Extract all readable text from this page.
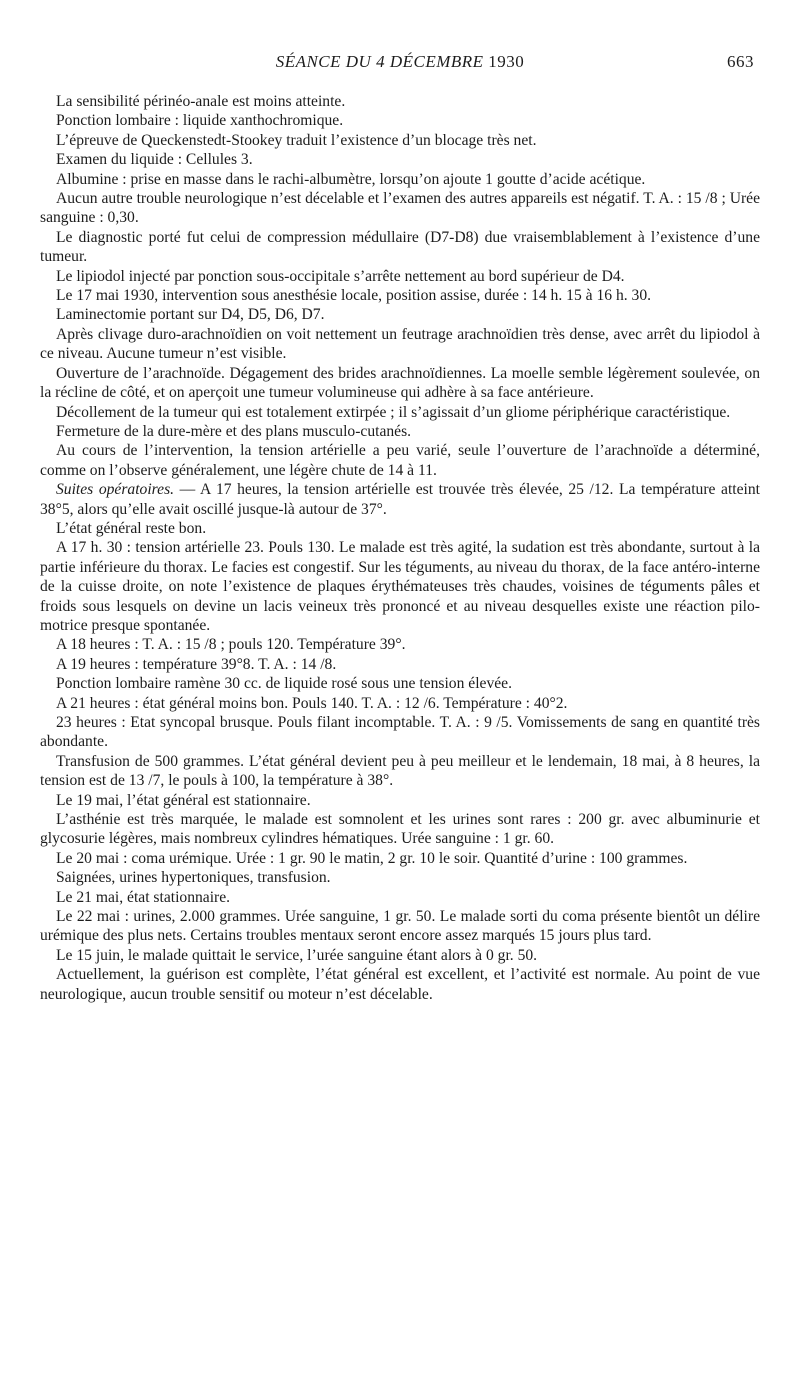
SÉANCE DU 4 DÉCEMBRE 1930	663

La sensibilité périnéo-anale est moins atteinte.

Ponction lombaire : liquide xanthochromique.

L’épreuve de Queckenstedt-Stookey traduit l’existence d’un blocage très net.

Examen du liquide : Cellules 3.

Albumine : prise en masse dans le rachi-albumètre, lorsqu’on ajoute 1 goutte d’acide acétique.

Aucun autre trouble neurologique n’est décelable et l’examen des autres appareils est négatif. T. A. : 15 /8 ; Urée sanguine : 0,30.

Le diagnostic porté fut celui de compression médullaire (D7-D8) due vraisemblablement à l’existence d’une tumeur.

Le lipiodol injecté par ponction sous-occipitale s’arrête nettement au bord supérieur de D4.

Le 17 mai 1930, intervention sous anesthésie locale, position assise, durée : 14 h. 15 à 16 h. 30.

Laminectomie portant sur D4, D5, D6, D7.

Après clivage duro-arachnoïdien on voit nettement un feutrage arachnoïdien très dense, avec arrêt du lipiodol à ce niveau. Aucune tumeur n’est visible.

Ouverture de l’arachnoïde. Dégagement des brides arachnoïdiennes. La moelle semble légèrement soulevée, on la récline de côté, et on aperçoit une tumeur volumineuse qui adhère à sa face antérieure.

Décollement de la tumeur qui est totalement extirpée ; il s’agissait d’un gliome périphérique caractéristique.

Fermeture de la dure-mère et des plans musculo-cutanés.

Au cours de l’intervention, la tension artérielle a peu varié, seule l’ouverture de l’arachnoïde a déterminé, comme on l’observe généralement, une légère chute de 14 à 11.

Suites opératoires. — A 17 heures, la tension artérielle est trouvée très élevée, 25 /12. La température atteint 38°5, alors qu’elle avait oscillé jusque-là autour de 37°.

L’état général reste bon.

A 17 h. 30 : tension artérielle 23. Pouls 130. Le malade est très agité, la sudation est très abondante, surtout à la partie inférieure du thorax. Le facies est congestif. Sur les téguments, au niveau du thorax, de la face antéro-interne de la cuisse droite, on note l’existence de plaques érythémateuses très chaudes, voisines de téguments pâles et froids sous lesquels on devine un lacis veineux très prononcé et au niveau desquelles existe une réaction pilo-motrice presque spontanée.

A 18 heures : T. A. : 15 /8 ; pouls 120. Température 39°.

A 19 heures : température 39°8. T. A. : 14 /8.

Ponction lombaire ramène 30 cc. de liquide rosé sous une tension élevée.

A 21 heures : état général moins bon. Pouls 140. T. A. : 12 /6. Température : 40°2.

23 heures : Etat syncopal brusque. Pouls filant incomptable. T. A. : 9 /5. Vomissements de sang en quantité très abondante.

Transfusion de 500 grammes. L’état général devient peu à peu meilleur et le lendemain, 18 mai, à 8 heures, la tension est de 13 /7, le pouls à 100, la température à 38°.

Le 19 mai, l’état général est stationnaire.

L’asthénie est très marquée, le malade est somnolent et les urines sont rares : 200 gr. avec albuminurie et glycosurie légères, mais nombreux cylindres hématiques. Urée sanguine : 1 gr. 60.

Le 20 mai : coma urémique. Urée : 1 gr. 90 le matin, 2 gr. 10 le soir. Quantité d’urine : 100 grammes.

Saignées, urines hypertoniques, transfusion.

Le 21 mai, état stationnaire.

Le 22 mai : urines, 2.000 grammes. Urée sanguine, 1 gr. 50. Le malade sorti du coma présente bientôt un délire urémique des plus nets. Certains troubles mentaux seront encore assez marqués 15 jours plus tard.

Le 15 juin, le malade quittait le service, l’urée sanguine étant alors à 0 gr. 50.

Actuellement, la guérison est complète, l’état général est excellent, et l’activité est normale. Au point de vue neurologique, aucun trouble sensitif ou moteur n’est décelable.
